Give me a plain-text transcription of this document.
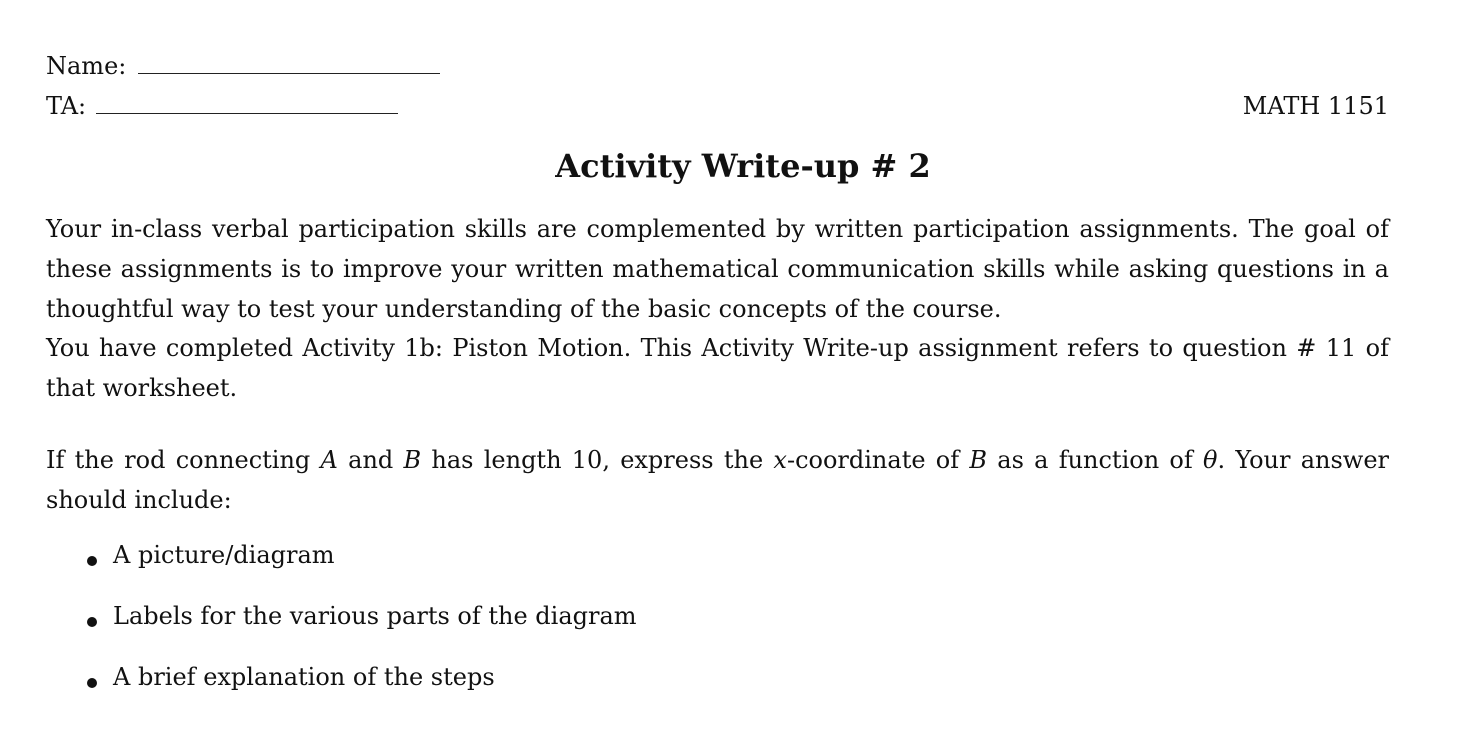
Name:
TA:	MATH 1151
Activity Write-up # 2

Your in-class verbal participation skills are complemented by written participation assignments. The goal of these assignments is to improve your written mathematical communication skills while asking questions in a thoughtful way to test your understanding of the basic concepts of the course.

You have completed Activity 1b: Piston Motion. This Activity Write-up assignment refers to question # 11 of that worksheet.

If the rod connecting A and B has length 10, express the x-coordinate of B as a function of θ. Your answer should include:

A picture/diagram
Labels for the various parts of the diagram
A brief explanation of the steps
